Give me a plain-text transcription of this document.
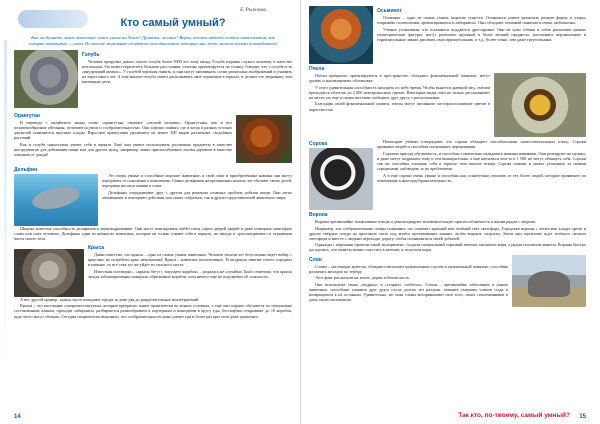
Е. Рыжкова
Кто самый умный?
Как вы думаете, какое животное самое умное на Земле? Думаешь, человек? Верно, человек наделён особым интеллектом, как говорят некоторые — умом. Но многие животные обладают способностями, которых мы, люди, можем только позавидовать!
Голубь

Человек приручил дикого сизого голубя более 5000 лет тому назад. Голубь издавна служил человеку в качестве почтальона. Он может перелететь большие расстояния, отлично ориентируется по солнцу. Говорят, что у голубя есть «внутренний компас». У голубей хорошая память, и они могут запоминать сотни различных изображений и узнавать их через много лет. А ещё многие голуби умеют распознавать своё отражение в зеркале, и делают это увереннее, чем маленькие дети.

Орангутан

В переводе с малайского языка слово «орангутан» означает «лесной человек». Орангутаны, как и все человекообразные обезьяны, отличаются умом и сообразительностью. Они хорошо помнят, где и когда в разных уголках джунглей появляются вкусные плоды. Взрослые орангутаны различают не менее 300 видов различных съедобных растений.

Как и голуби орангутаны умеют себя в зеркале. Ещё они умеют использовать различные предметы в качестве инструментов для добывания пищи или для других нужд, например, ловко приспосабливать листья деревьев в качестве зонтиков от дождя!

Дельфин

Это очень умные и способные морские животные, и свой опыт и приобретённые навыки они могут передавать от поколения к поколению. Самки дельфинов на протяжении многих лет обучают своих детей, передавая им свои знания и опыт.

Дельфины сотрудничают друг с другом для решения сложных проблем добычи пищи. Они легко запоминают и повторяют действия, как своих собратьев, так и других представителей животного мира.

Широко известна способность дельфинов к звукоподражанию. Они могут имитировать щебет птиц, скрип дверей дверей и даже повторять некоторые слова или смех человека. Дельфины одни из немногих животных, которые не только узнают себя в зеркале, но иногда и «рассматривают» в отражении части своего тела.

Крыса

Давно известно, что крысы – одно из самых умных животных. Человек тысячи лет безуспешно ведёт войну с крысами, но истребить крыс невозможно! Крыса – животное коллективное. Если крысы заметят своего сородича в капкане, то все стая тут же уйдёт из опасного места.

Известная поговорка – «крысы бегут с тонущего корабля» – родилась не случайно. Было отмечено, что крысы загодя заблаговременно покидали обреченные корабли, хотя ничего ещё не подозревал об опасности.

А вот другой пример: крысы часто покидают города за день-два до разрушительных землетрясений.

Крысы – это настоящие суперинтеллектуалы, которые прекрасно знают практически во всяких условиях, а ещё они хорошо обучаются по специально составленным планам, проходят лабиринты, разбираются разнообразием к портерным и вошедшим в кругу еды, бессмертно открывают до 10 коробок, куда часто могут сбежать. Сегодня специалисты выяснили, что сообразительность крыс умеют три и более раз при этом даже грамотнее.

14
Осьминог

Осьминог – одно из самых умных морских существ. Осьминоги умеют различать разную форму и узоры, открывать головоломки, ориентироваться в лабиринтах. Они обладают отличной памятью и очень любопытны.

Учёные установили, что осьминоги поддаются дрессировке. Они не хуже собаки и собак различают разные геометрические фигуры, могут различать крупный и более мелкий предметы, распознают вертикальные и горизонтальные линии, рисовать свои прямоугольник, и т.д., более точно, чем даже треугольники.

Пчела

Пчёлы прекрасно ориентируются в пространстве, обладают феноменальной памятью, могут думать и анализировать обстановку.

У пчёл удивительная способность находить по небу время. Чтобы вынести дневной мёд, пчёлам приходится облетать до 2 000 нектароносных цветов. Некоторые виды пчёл не только рассказывают на месте, но ещё и своим жестами сообщают друг другу о расположении.

Благодаря своей феноменальной памяти, пчёлы могут запомнить месторасположение цветов в окрестностях.

Сорока	Некоторые учёные утверждают, что сороки обладают способностями «интеллектуальных птиц». Сороки признают людей и способны испытывать переживания.

Сорокам присущ обучаемость, и способны сознательно овладевать новыми навыками. Они реагируют на музыку, и даже могут подражать тому и тем выжидательно, а ещё научиться чем-то в 1 500, не могут обмануть себя. Сороки так же способны опознать себя в зеркале, чем многие птицы. Сорока помнит и может ухаживать за своими сородичами, наблюдать за их проблемами.

А в ещё сороки очень умные и способны как сознательно отличать от тех более людей, которые проявляют по отношению к ним недоброжелательность.

Ворона

Вороны чрезвычайно талантливые птицы и демонстрируют исключительную приспособляемость к жизни рядом с людьми.

Например, эти сообразительные птицы понимают, что означает красный или зелёный свет светофора. Городские вороны с лёгкостью кладут орехи и другие твёрдые плоды на проезжую часть под колёса проезжающих машин, чтобы вскрыть скорлупу. Затем они терпеливо ждут зелёного сигнала светофора и вместе с людьми переходят дорогу, чтобы полакомиться своей добычей.

Однажды с воронами провели такой эксперимент: создали специальный торговый автомат, насыпали корм, а рядом положили монеты. Вороны быстро догадались, что монеты можно опустить в автомат, и получали корм.

Слон

Слоны – настоящие артисты, обладают неплохим музыкальным слухом и музыкальной памятью, способны различать мелодии по тембру.

Этот факт рассказали на земле, держа хоботом кисть.

Они используют своих «мудрых» и «старых» «хоботах». Слоны – чрезвычайно заботливые и умные животные, способные узнавать друг друга после долгих лет разлуки, помнить умерших членов стада и возвращаться к их останкам. Удивительно, но сами слоны воспринимают своё тело, своих соплеменников и даже своих оппонентов.

Так кто, по-твоему, самый умный? 15
